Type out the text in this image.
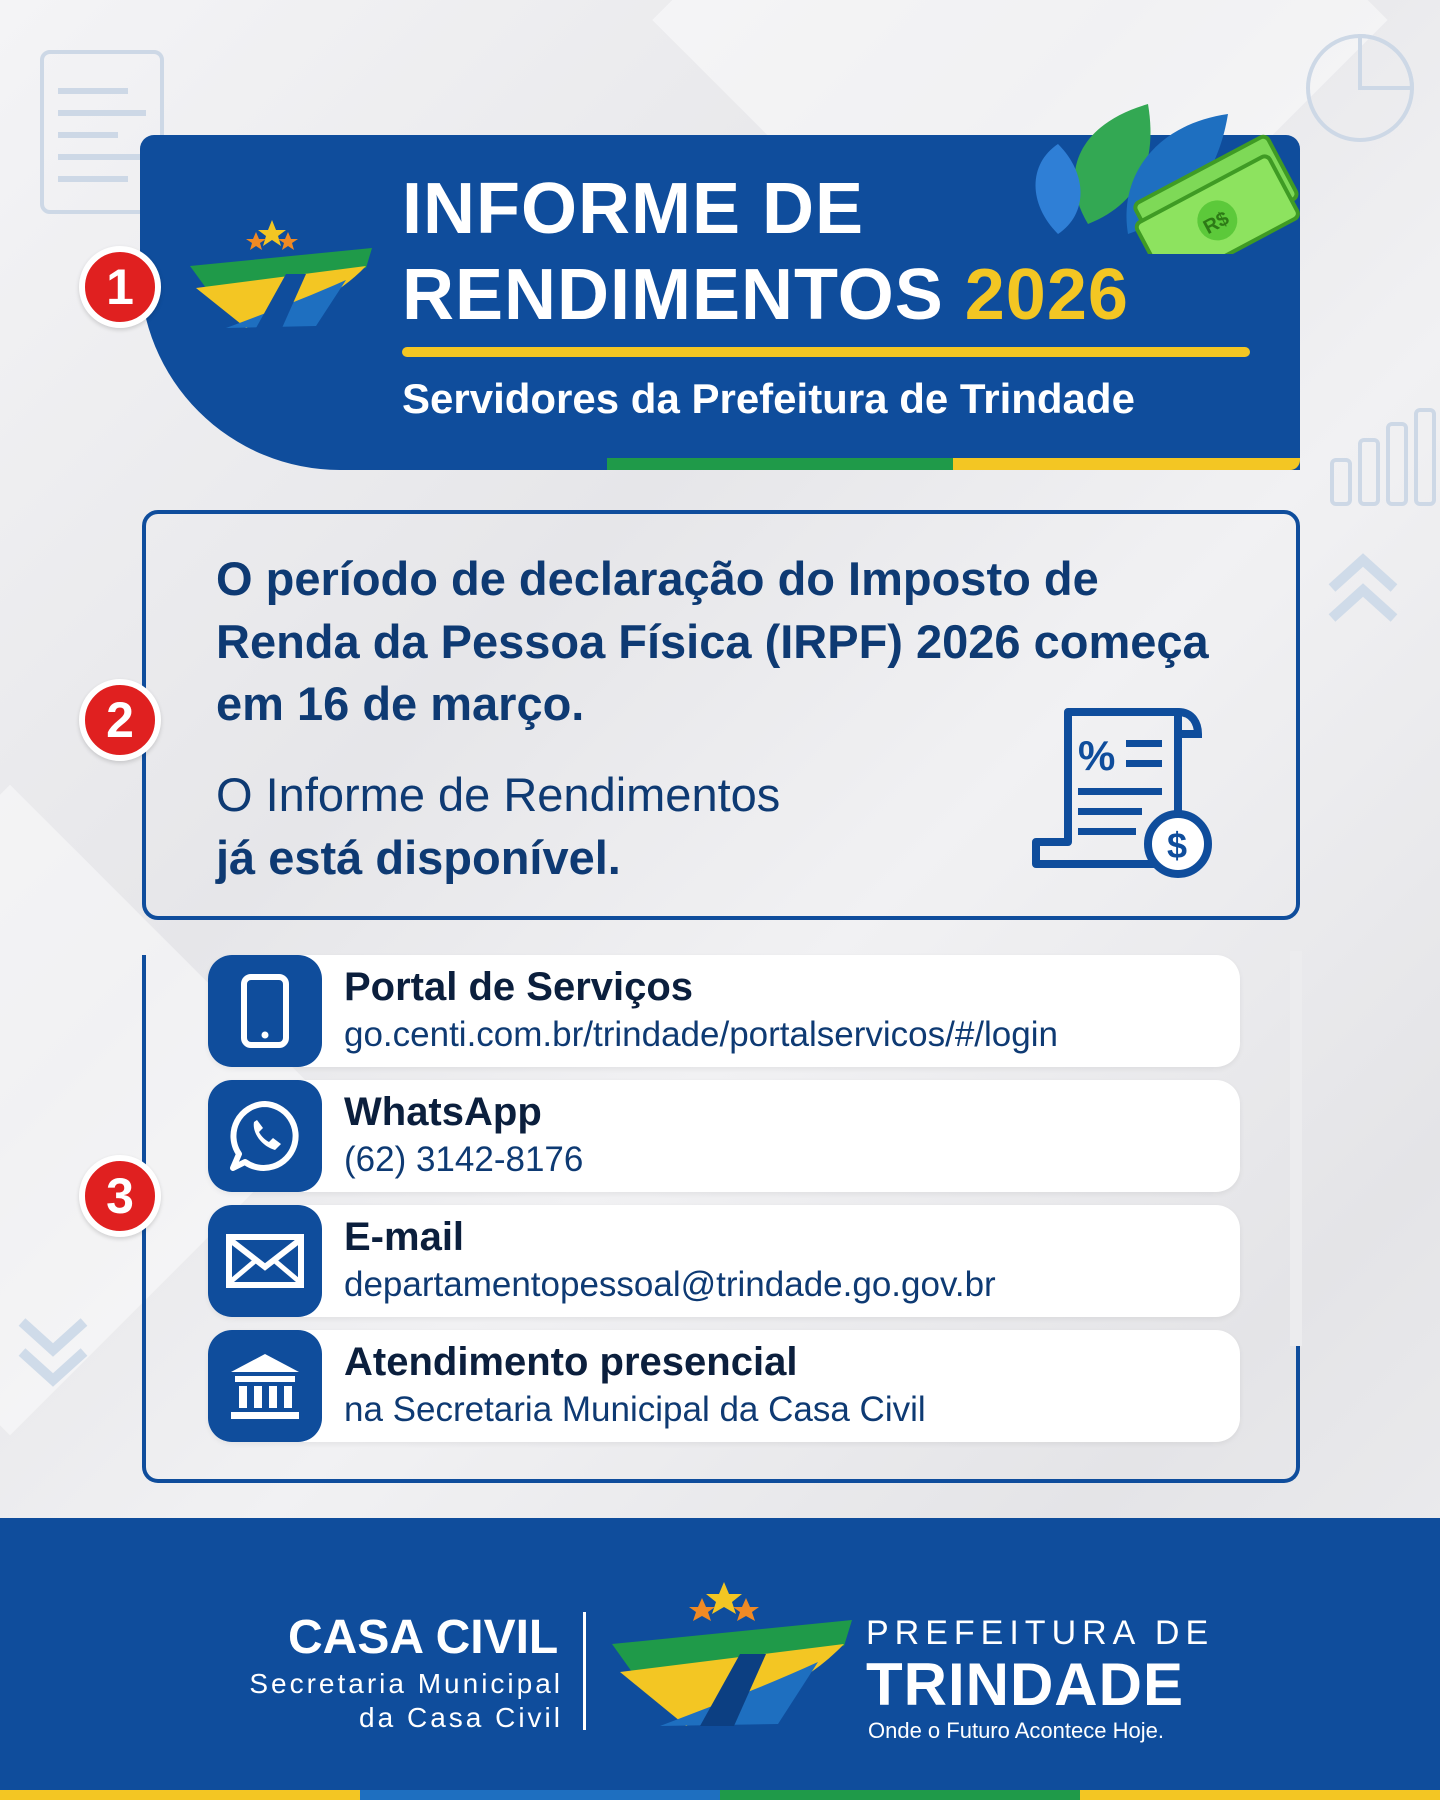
INFORME DE
RENDIMENTOS 2026
Servidores da Prefeitura de Trindade
R$
1
O período de declaração do Imposto de Renda da Pessoa Física (IRPF) 2026 começa em 16 de março.
O Informe de Rendimentos
já está disponível.
%
$
2
Portal de Serviços
go.centi.com.br/trindade/portalservicos/#/login
WhatsApp
(62) 3142-8176
E-mail
departamentopessoal@trindade.go.gov.br
Atendimento presencial
na Secretaria Municipal da Casa Civil
3
CASA CIVIL
Secretaria Municipal
da Casa Civil
PREFEITURA DE
TRINDADE
Onde o Futuro Acontece Hoje.
